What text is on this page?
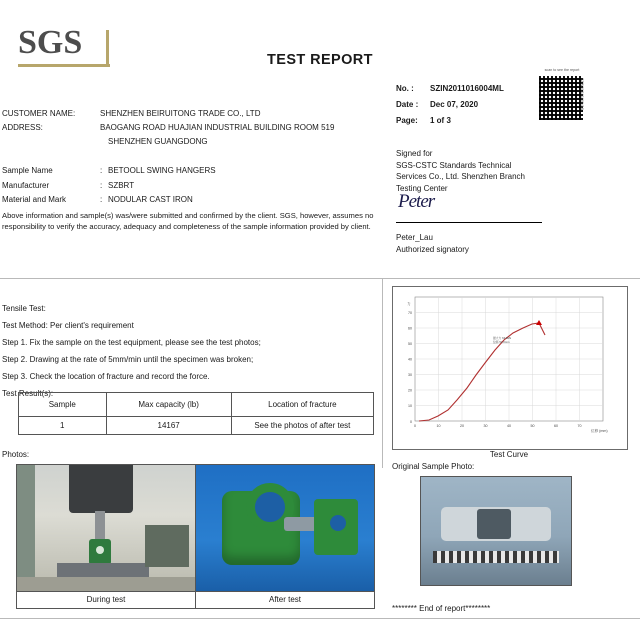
SGS	TEST REPORT
No. :	SZIN2011016004ML
Date :	Dec 07, 2020
Page:	1 of 3
scan to see the report
SZIN2011016004ML
CUSTOMER NAME:	SHENZHEN BEIRUITONG TRADE CO., LTD
ADDRESS:	BAOGANG ROAD HUAJIAN INDUSTRIAL BUILDING ROOM 519
SHENZHEN GUANGDONG
Sample Name	: BETOOLL SWING HANGERS
Manufacturer	: SZBRT
Material and Mark	: NODULAR CAST IRON
Above information and sample(s) was/were submitted and confirmed by the client. SGS, however, assumes no responsibility to verify the accuracy, adequacy and completeness of the sample information provided by client.
Signed for
SGS-CSTC Standards Technical
Services Co., Ltd. Shenzhen Branch
Testing Center
Peter
Peter_Lau
Authorized signatory
Tensile Test:
Test Method: Per client's requirement
Step 1. Fix the sample on the test equipment, please see the test photos;
Step 2. Drawing at the rate of 5mm/min until the specimen was broken;
Step 3. Check the location of fracture and record the force.
Test Result(s):
Sample	Max capacity (lb)	Location of fracture
1	14167	See the photos of after test	0
10
20
30
40
50
60
70
0	10	20	30	40	50	60	70
力
位移 (mm)
最大力 63.0kN
位移 52.0mm
Test Curve
Photos:

During test	After test
Original Sample Photo:
******** End of report********
